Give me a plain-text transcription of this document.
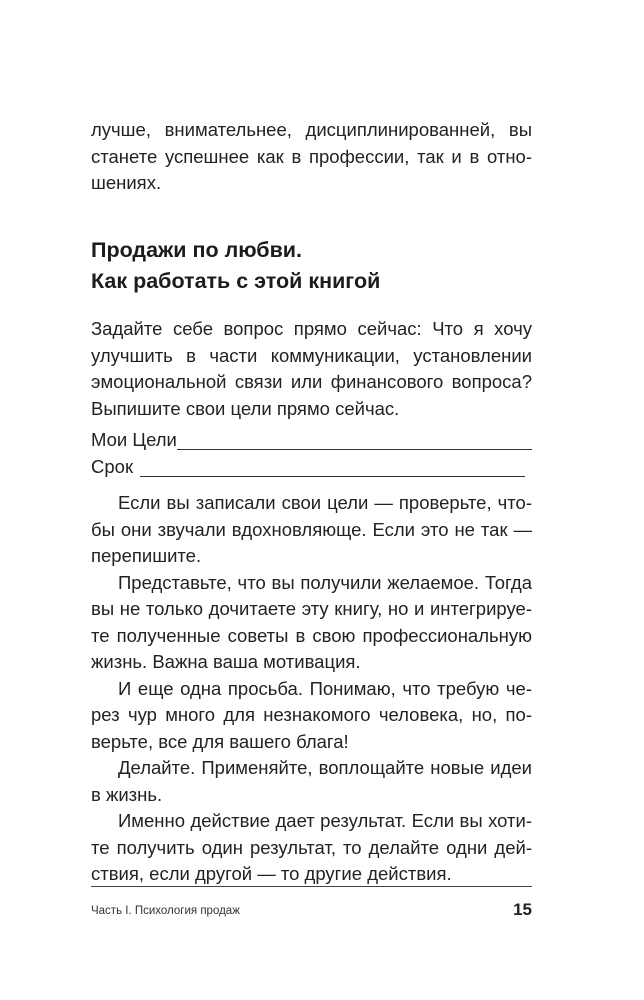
лучше, внимательнее, дисциплинированней, вы
станете успешнее как в профессии, так и в отно-
шениях.
Продажи по любви.
Как работать с этой книгой
Задайте себе вопрос прямо сейчас: Что я хочу
улучшить в части коммуникации, установлении
эмоциональной связи или финансового вопроса?
Выпишите свои цели прямо сейчас.
Мои Цели
Срок
Если вы записали свои цели — проверьте, что-
бы они звучали вдохновляюще. Если это не так —
перепишите.
Представьте, что вы получили желаемое. Тогда
вы не только дочитаете эту книгу, но и интегрируе-
те полученные советы в свою профессиональную
жизнь. Важна ваша мотивация.
И еще одна просьба. Понимаю, что требую че-
рез чур много для незнакомого человека, но, по-
верьте, все для вашего блага!
Делайте. Применяйте, воплощайте новые идеи
в жизнь.
Именно действие дает результат. Если вы хоти-
те получить один результат, то делайте одни дей-
ствия, если другой — то другие действия.
Часть I. Психология продаж	15
